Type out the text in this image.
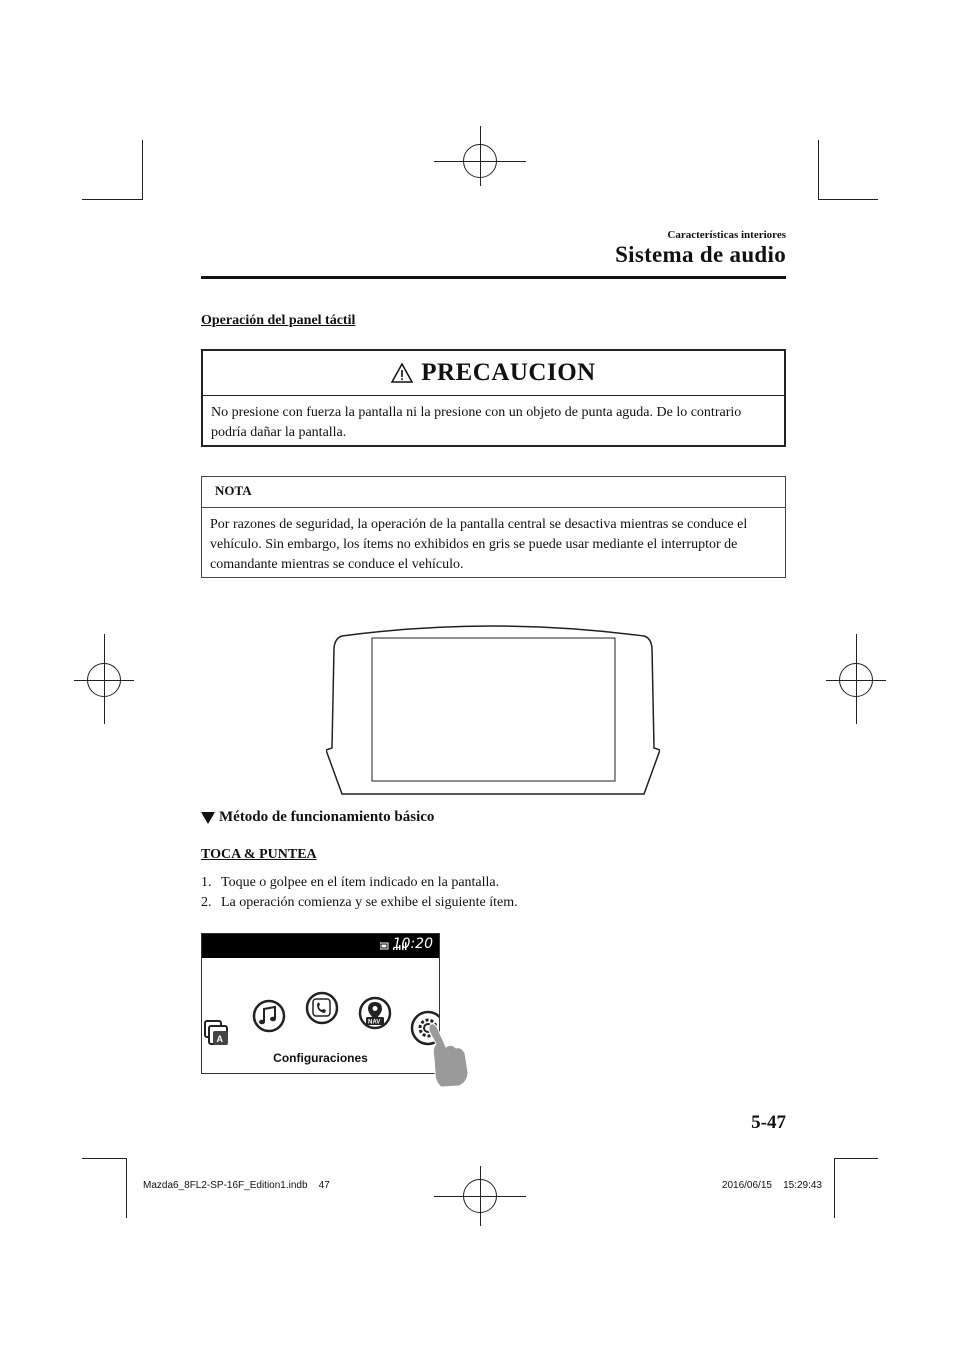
Características interiores
Sistema de audio
Operación del panel táctil
PRECAUCION
No presione con fuerza la pantalla ni la presione con un objeto de punta aguda. De lo contrario podría dañar la pantalla.
NOTA
Por razones de seguridad, la operación de la pantalla central se desactiva mientras se conduce el vehículo. Sin embargo, los ítems no exhibidos en gris se puede usar mediante el interruptor de comandante mientras se conduce el vehículo.
Método de funcionamiento básico
TOCA & PUNTEA
1. Toque o golpee en el ítem indicado en la pantalla.
2. La operación comienza y se exhibe el siguiente ítem.
10:20
A
NAV
Configuraciones
5-47
Mazda6_8FL2-SP-16F_Edition1.indb    47	2016/06/15    15:29:43
